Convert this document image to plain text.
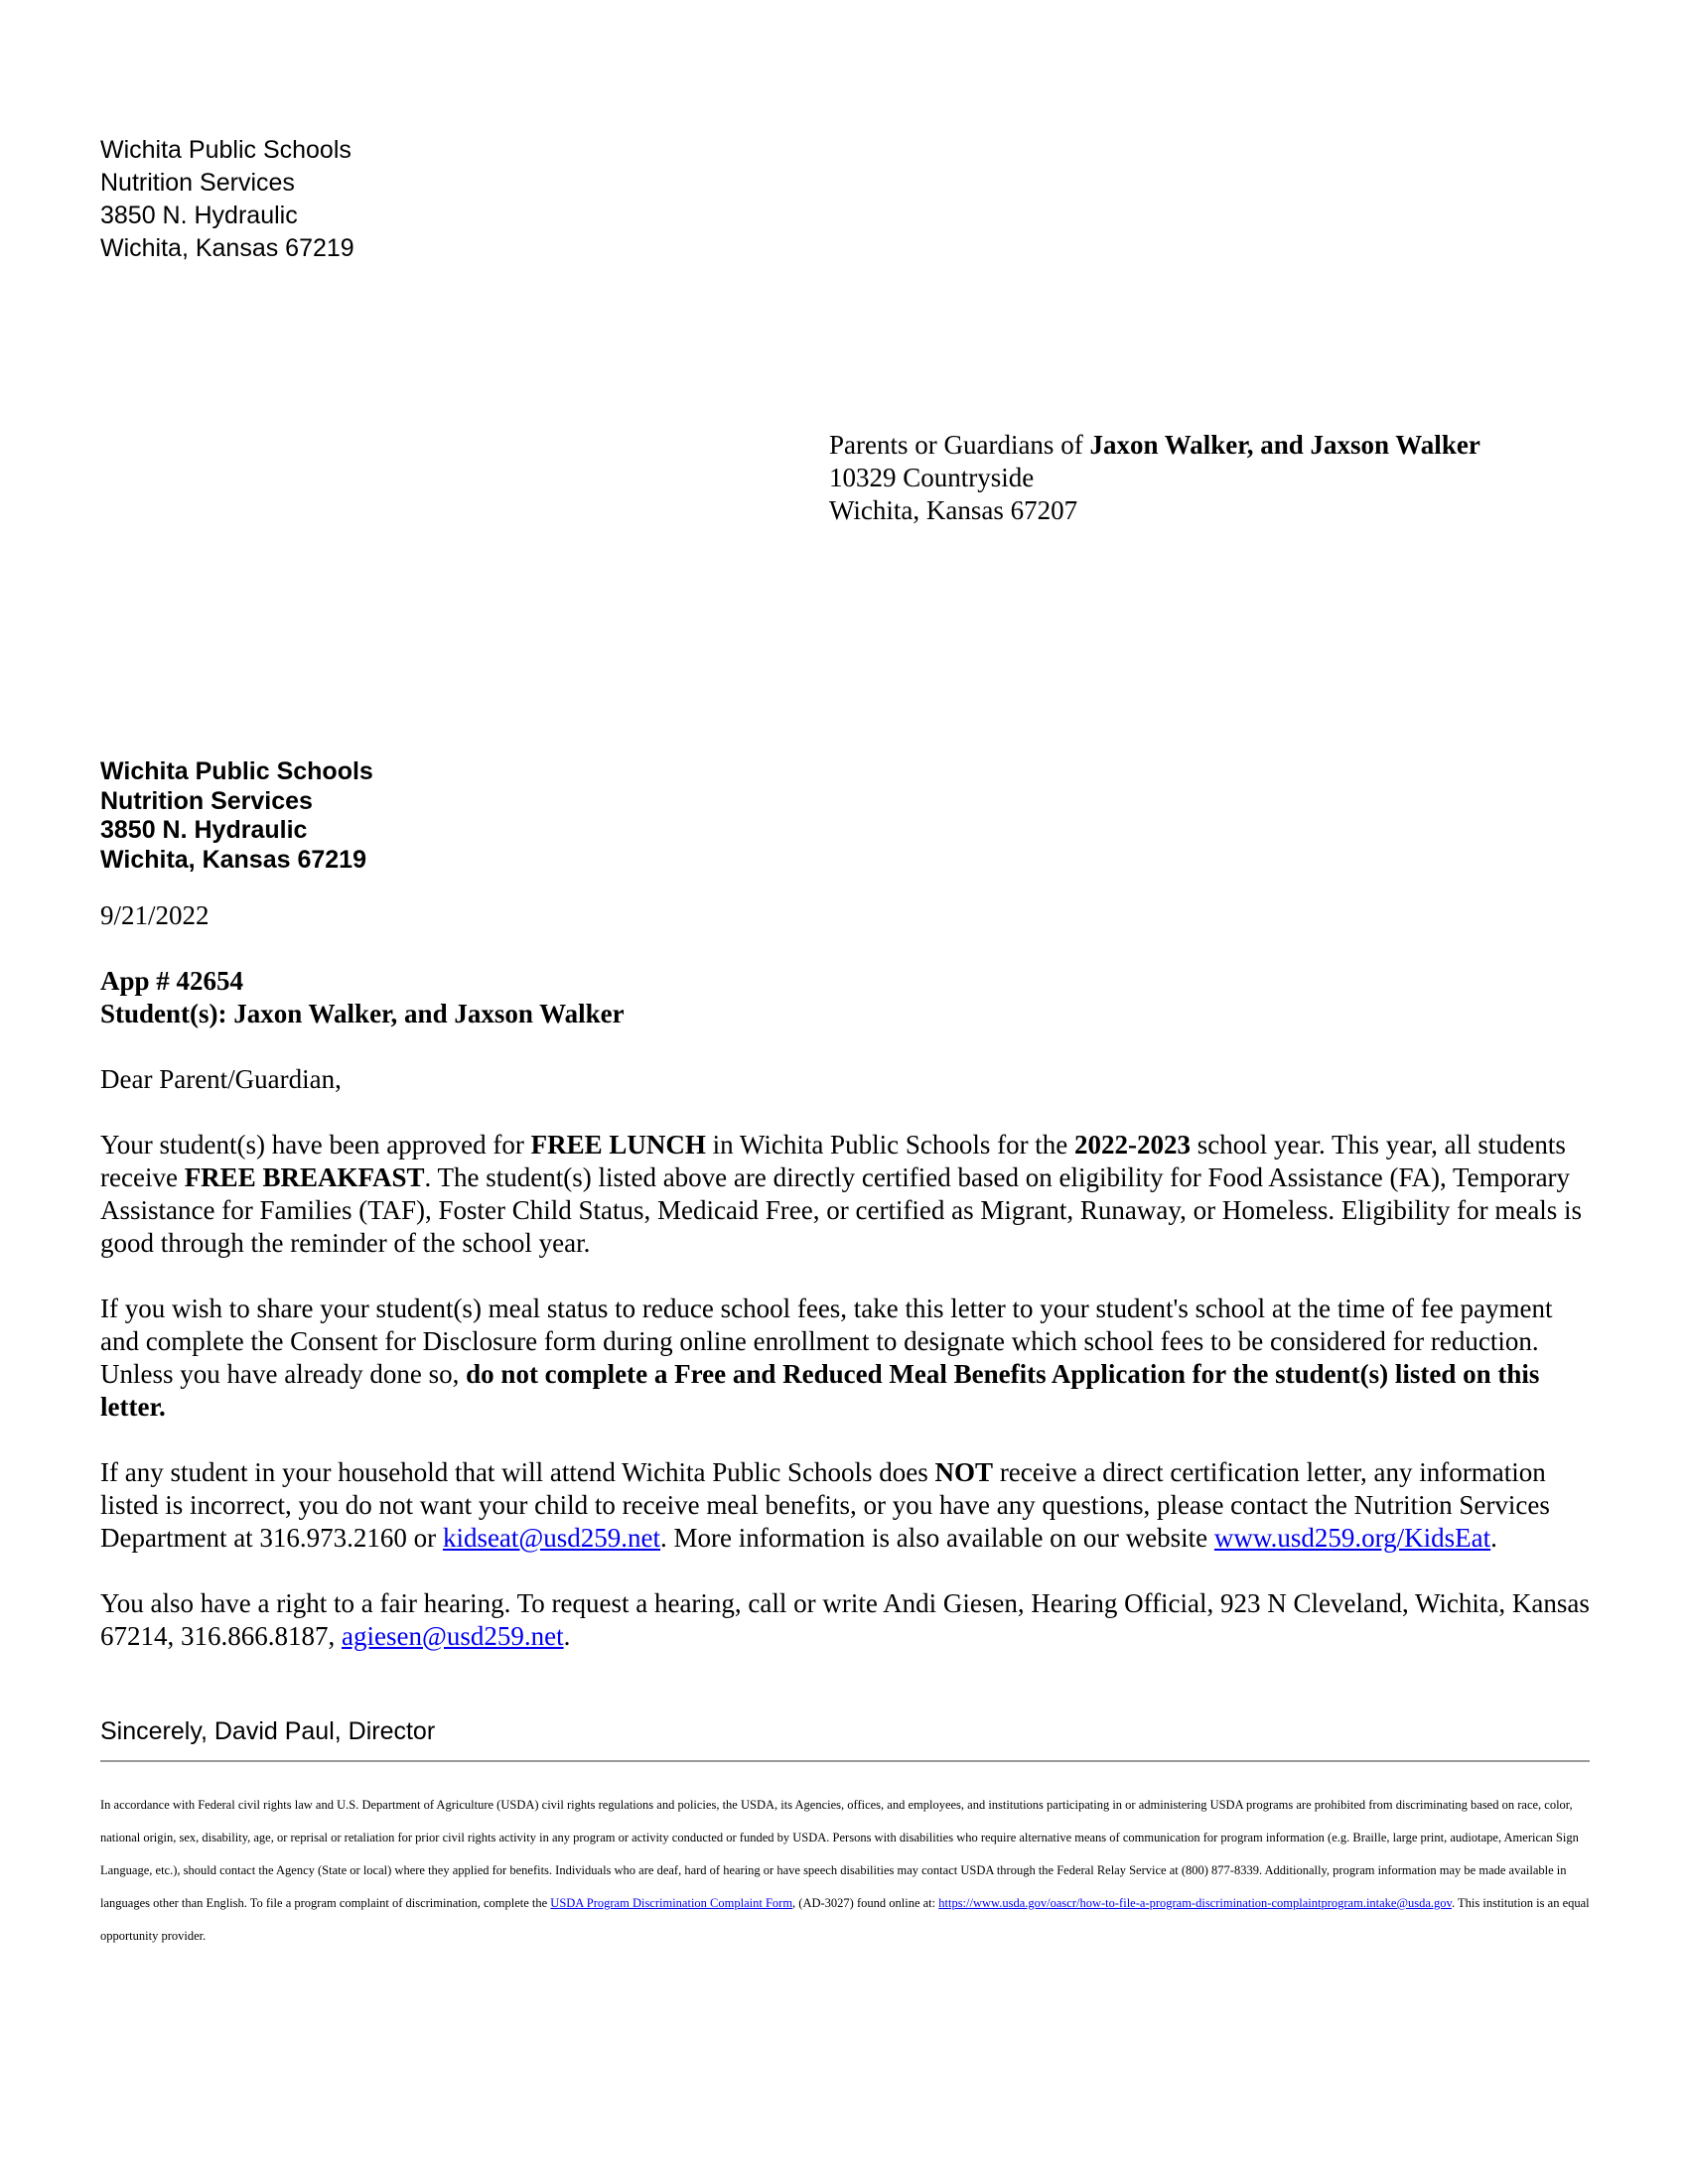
Wichita Public Schools
Nutrition Services
3850 N. Hydraulic
Wichita, Kansas 67219
Parents or Guardians of Jaxon Walker, and Jaxson Walker
10329 Countryside
Wichita, Kansas 67207
Wichita Public Schools
Nutrition Services
3850 N. Hydraulic
Wichita, Kansas 67219

9/21/2022

App # 42654

Student(s): Jaxon Walker, and Jaxson Walker

Dear Parent/Guardian,

Your student(s) have been approved for FREE LUNCH in Wichita Public Schools for the 2022-2023 school year. This year, all students receive FREE BREAKFAST. The student(s) listed above are directly certified based on eligibility for Food Assistance (FA), Temporary Assistance for Families (TAF), Foster Child Status, Medicaid Free, or certified as Migrant, Runaway, or Homeless. Eligibility for meals is good through the reminder of the school year.

If you wish to share your student(s) meal status to reduce school fees, take this letter to your student's school at the time of fee payment and complete the Consent for Disclosure form during online enrollment to designate which school fees to be considered for reduction. Unless you have already done so, do not complete a Free and Reduced Meal Benefits Application for the student(s) listed on this letter.

If any student in your household that will attend Wichita Public Schools does NOT receive a direct certification letter, any information listed is incorrect, you do not want your child to receive meal benefits, or you have any questions, please contact the Nutrition Services Department at 316.973.2160 or kidseat@usd259.net. More information is also available on our website www.usd259.org/KidsEat.

You also have a right to a fair hearing. To request a hearing, call or write Andi Giesen, Hearing Official, 923 N Cleveland, Wichita, Kansas 67214, 316.866.8187, agiesen@usd259.net.

Sincerely, David Paul, Director
In accordance with Federal civil rights law and U.S. Department of Agriculture (USDA) civil rights regulations and policies, the USDA, its Agencies, offices, and employees, and institutions participating in or administering USDA programs are prohibited from discriminating based on race, color, national origin, sex, disability, age, or reprisal or retaliation for prior civil rights activity in any program or activity conducted or funded by USDA. Persons with disabilities who require alternative means of communication for program information (e.g. Braille, large print, audiotape, American Sign Language, etc.), should contact the Agency (State or local) where they applied for benefits. Individuals who are deaf, hard of hearing or have speech disabilities may contact USDA through the Federal Relay Service at (800) 877-8339. Additionally, program information may be made available in languages other than English. To file a program complaint of discrimination, complete the USDA Program Discrimination Complaint Form, (AD-3027) found online at: https://www.usda.gov/oascr/how-to-file-a-program-discrimination-complaintprogram.intake@usda.gov. This institution is an equal opportunity provider.
